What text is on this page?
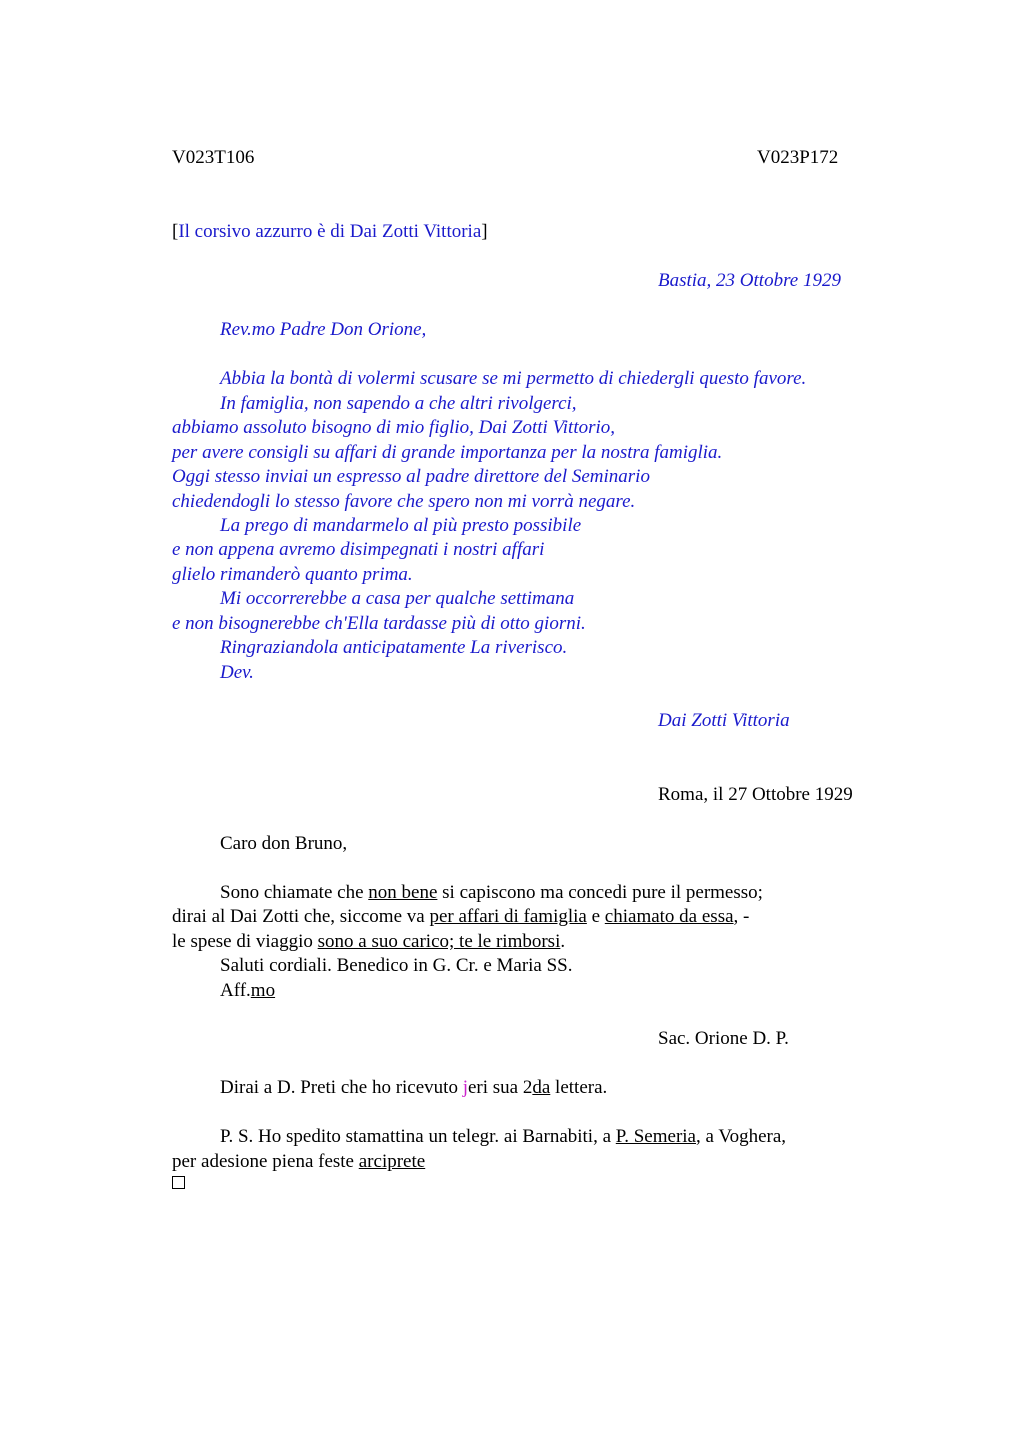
V023T106	V023P172
[Il corsivo azzurro è di Dai Zotti Vittoria]
Bastia, 23 Ottobre 1929
Rev.mo Padre Don Orione,
Abbia la bontà di volermi scusare se mi permetto di chiedergli questo favore.
In famiglia, non sapendo a che altri rivolgerci,
abbiamo assoluto bisogno di mio figlio, Dai Zotti Vittorio,
per avere consigli su affari di grande importanza per la nostra famiglia.
Oggi stesso inviai un espresso al padre direttore del Seminario
chiedendogli lo stesso favore che spero non mi vorrà negare.
La prego di mandarmelo al più presto possibile
e non appena avremo disimpegnati i nostri affari
glielo rimanderò quanto prima.
Mi occorrerebbe a casa per qualche settimana
e non bisognerebbe ch'Ella tardasse più di otto giorni.
Ringraziandola anticipatamente La riverisco.
Dev.
Dai Zotti Vittoria
Roma, il 27 Ottobre 1929
Caro don Bruno,
Sono chiamate che non bene si capiscono ma concedi pure il permesso;
dirai al Dai Zotti che, siccome va per affari di famiglia e chiamato da essa, -
le spese di viaggio sono a suo carico; te le rimborsi.
Saluti cordiali. Benedico in G. Cr. e Maria SS.
Aff.mo
Sac. Orione D. P.
Dirai a D. Preti che ho ricevuto jeri sua 2da lettera.
P. S. Ho spedito stamattina un telegr. ai Barnabiti, a P. Semeria, a Voghera,
per adesione piena feste arciprete
